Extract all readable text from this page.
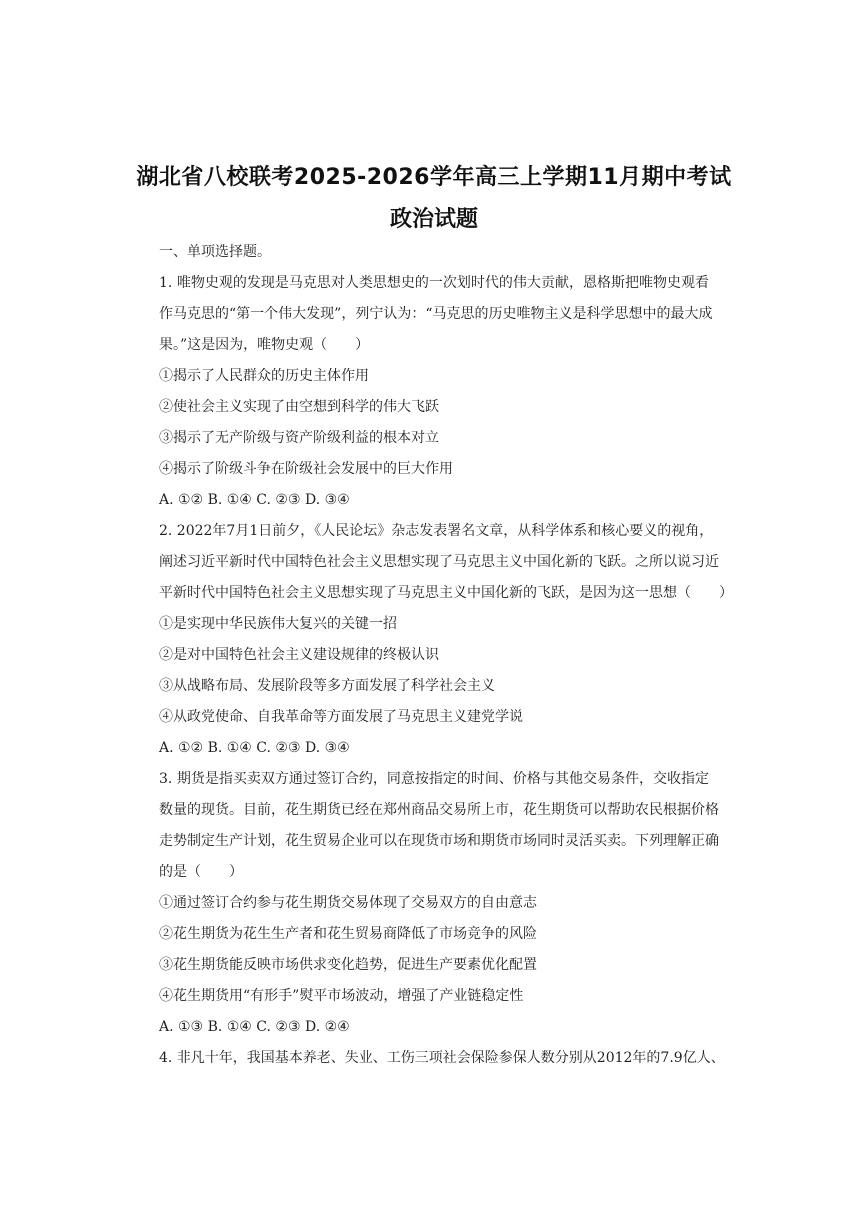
湖北省八校联考2025-2026学年高三上学期11月期中考试
政治试题
一、单项选择题。
1. 唯物史观的发现是马克思对人类思想史的一次划时代的伟大贡献，恩格斯把唯物史观看
作马克思的“第一个伟大发现”，列宁认为：“马克思的历史唯物主义是科学思想中的最大成
果。”这是因为，唯物史观（　　）
①揭示了人民群众的历史主体作用
②使社会主义实现了由空想到科学的伟大飞跃
③揭示了无产阶级与资产阶级利益的根本对立
④揭示了阶级斗争在阶级社会发展中的巨大作用
A. ①② B. ①④ C. ②③ D. ③④
2. 2022年7月1日前夕，《人民论坛》杂志发表署名文章，从科学体系和核心要义的视角，
阐述习近平新时代中国特色社会主义思想实现了马克思主义中国化新的飞跃。之所以说习近
平新时代中国特色社会主义思想实现了马克思主义中国化新的飞跃，是因为这一思想（　　）
①是实现中华民族伟大复兴的关键一招
②是对中国特色社会主义建设规律的终极认识
③从战略布局、发展阶段等多方面发展了科学社会主义
④从政党使命、自我革命等方面发展了马克思主义建党学说
A. ①② B. ①④ C. ②③ D. ③④
3. 期货是指买卖双方通过签订合约，同意按指定的时间、价格与其他交易条件，交收指定
数量的现货。目前，花生期货已经在郑州商品交易所上市，花生期货可以帮助农民根据价格
走势制定生产计划，花生贸易企业可以在现货市场和期货市场同时灵活买卖。下列理解正确
的是（　　）
①通过签订合约参与花生期货交易体现了交易双方的自由意志
②花生期货为花生生产者和花生贸易商降低了市场竞争的风险
③花生期货能反映市场供求变化趋势，促进生产要素优化配置
④花生期货用“有形手”熨平市场波动，增强了产业链稳定性
A. ①③ B. ①④ C. ②③ D. ②④
4. 非凡十年，我国基本养老、失业、工伤三项社会保险参保人数分别从2012年的7.9亿人、
